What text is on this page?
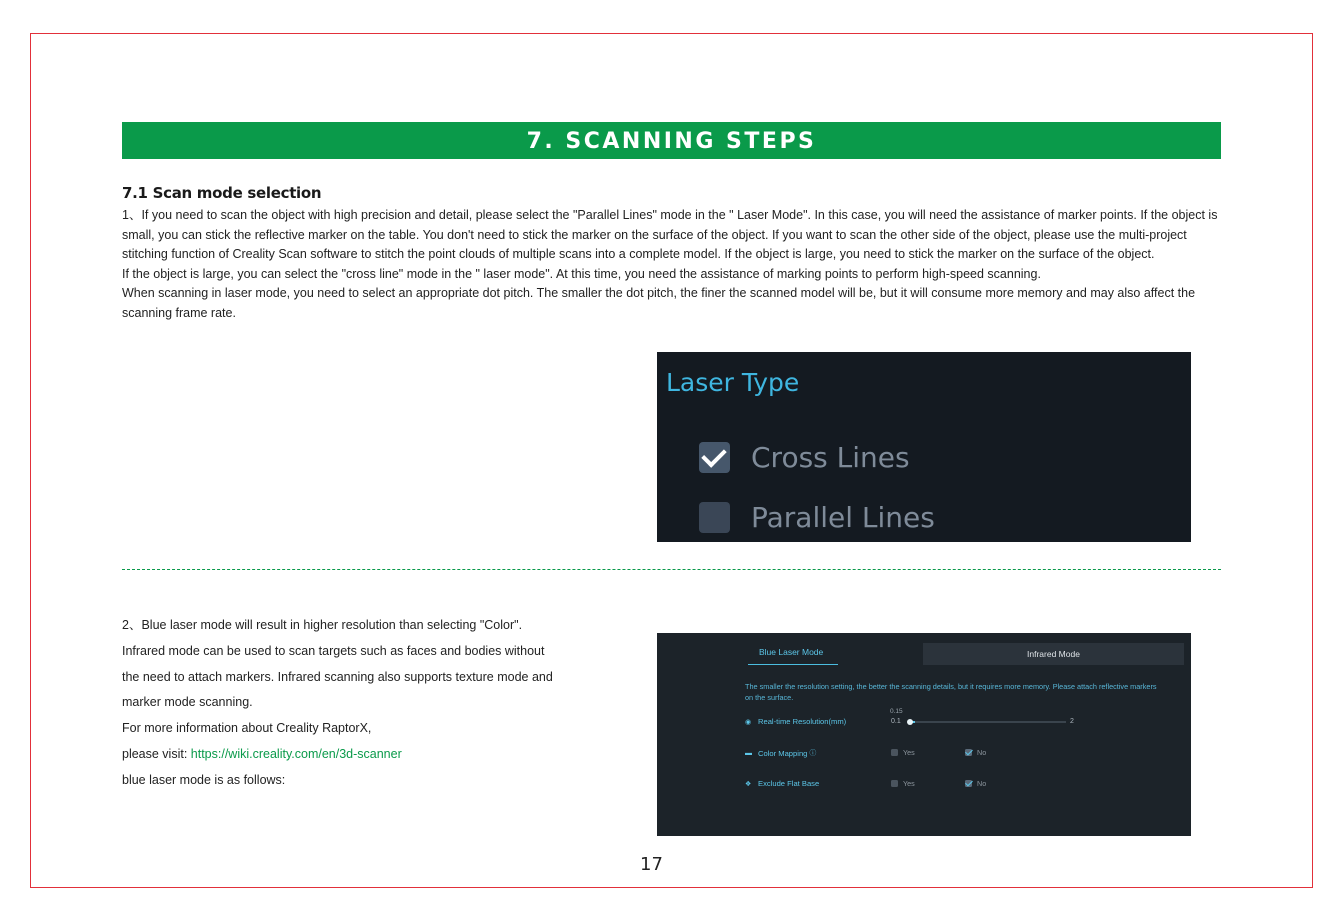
7. SCANNING STEPS
7.1 Scan mode selection

1、If you need to scan the object with high precision and detail, please select the "Parallel Lines" mode in the " Laser Mode". In this case, you will need the assistance of marker points. If the object is small, you can stick the reflective marker on the table. You don't need to stick the marker on the surface of the object. If you want to scan the other side of the object, please use the multi-project stitching function of Creality Scan software to stitch the point clouds of multiple scans into a complete model. If the object is large, you need to stick the marker on the surface of the object.

If the object is large, you can select the "cross line" mode in the " laser mode". At this time, you need the assistance of marking points to perform high-speed scanning.

When scanning in laser mode, you need to select an appropriate dot pitch. The smaller the dot pitch, the finer the scanned model will be, but it will consume more memory and may also affect the scanning frame rate.

Laser Type
Cross Lines
Parallel Lines

2、Blue laser mode will result in higher resolution than selecting "Color".

Infrared mode can be used to scan targets such as faces and bodies without

the need to attach markers. Infrared scanning also supports texture mode and

marker mode scanning.

For more information about Creality RaptorX,

please visit: https://wiki.creality.com/en/3d-scanner

blue laser mode is as follows:

Blue Laser Mode	Infrared Mode
The smaller the resolution setting, the better the scanning details, but it requires more memory. Please attach reflective markers on the surface.
◉ Real-time Resolution(mm)
0.15
0.1	2
▬ Color Mapping ⓘ	Yes	No
❖ Exclude Flat Base	Yes	No
17
